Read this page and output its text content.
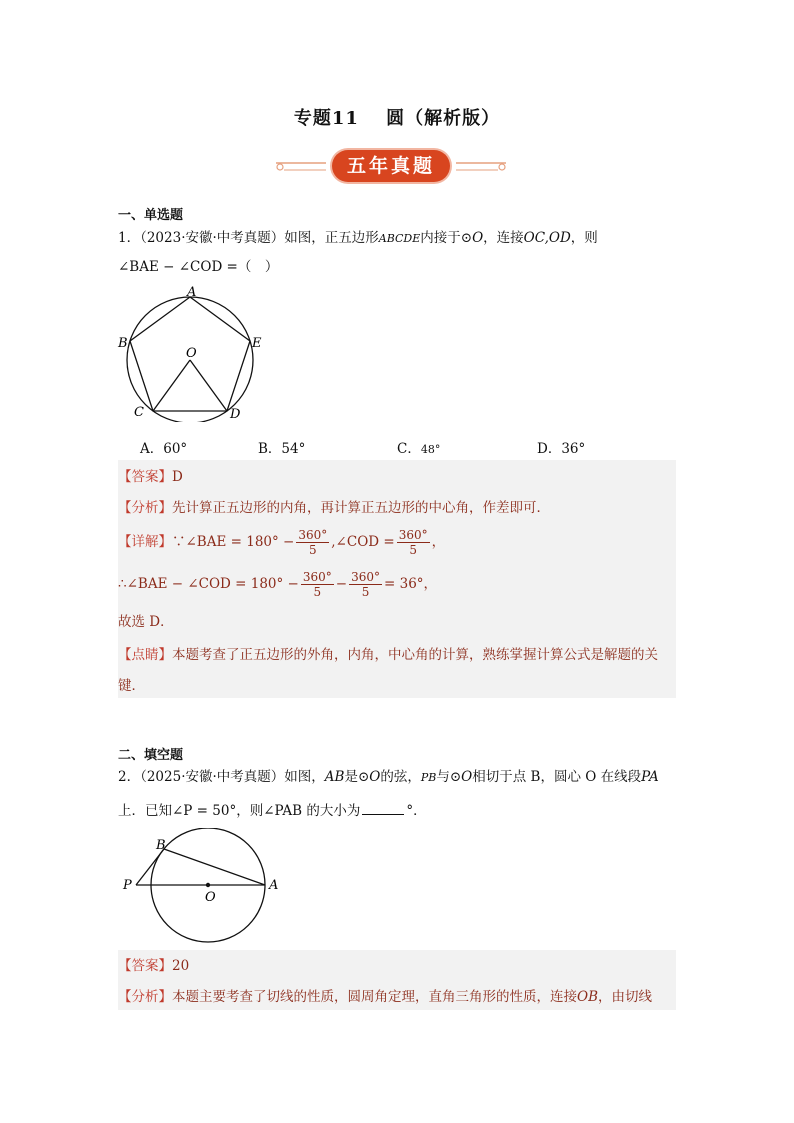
专题11 圆（解析版）
五年真题
一、单选题
1．（2023·安徽·中考真题）如图，正五边形ABCDE内接于⊙O，连接OC,OD，则
∠BAE − ∠COD =（　）
A
B	E
C	D
O
A．60°	B．54°	C．48°	D．36°
【答案】D
【分析】先计算正五边形的内角，再计算正五边形的中心角，作差即可．
【详解】∵∠BAE = $180^\circ - \frac{360^\circ}{5}$ ,∠COD = $\frac{360^\circ}{5}$ ，
∴∠BAE − ∠COD = $180^\circ - \frac{360^\circ}{5} - \frac{360^\circ}{5} = 36^\circ$，
故选 D．
【点睛】本题考查了正五边形的外角，内角，中心角的计算，熟练掌握计算公式是解题的关
键．
二、填空题
2．（2025·安徽·中考真题）如图，AB是⊙O的弦，PB与⊙O相切于点 B，圆心 O 在线段PA
上．已知∠P = 50°，则∠PAB 的大小为	°．
B
P
O
A
【答案】20
【分析】本题主要考查了切线的性质，圆周角定理，直角三角形的性质，连接OB，由切线
